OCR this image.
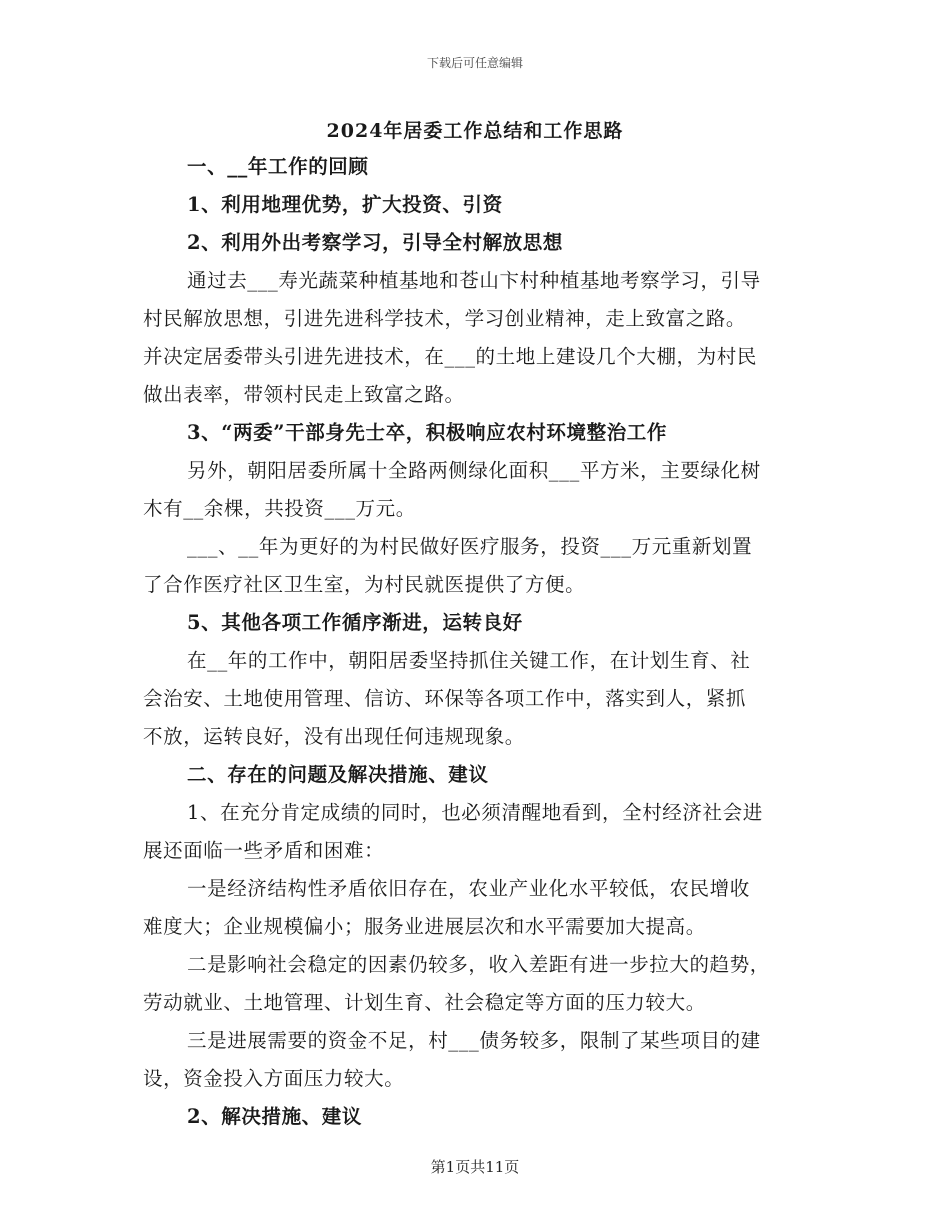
下载后可任意编辑
2024年居委工作总结和工作思路
一、__年工作的回顾
1、利用地理优势，扩大投资、引资
2、利用外出考察学习，引导全村解放思想
通过去___寿光蔬菜种植基地和苍山卞村种植基地考察学习，引导
村民解放思想，引进先进科学技术，学习创业精神，走上致富之路。
并决定居委带头引进先进技术，在___的土地上建设几个大棚，为村民
做出表率，带领村民走上致富之路。
3、“两委”干部身先士卒，积极响应农村环境整治工作
另外，朝阳居委所属十全路两侧绿化面积___平方米，主要绿化树
木有__余棵，共投资___万元。
___、__年为更好的为村民做好医疗服务，投资___万元重新划置
了合作医疗社区卫生室，为村民就医提供了方便。
5、其他各项工作循序渐进，运转良好
在__年的工作中，朝阳居委坚持抓住关键工作，在计划生育、社
会治安、土地使用管理、信访、环保等各项工作中，落实到人，紧抓
不放，运转良好，没有出现任何违规现象。
二、存在的问题及解决措施、建议
1、在充分肯定成绩的同时，也必须清醒地看到，全村经济社会进
展还面临一些矛盾和困难：
一是经济结构性矛盾依旧存在，农业产业化水平较低，农民增收
难度大；企业规模偏小；服务业进展层次和水平需要加大提高。
二是影响社会稳定的因素仍较多，收入差距有进一步拉大的趋势，
劳动就业、土地管理、计划生育、社会稳定等方面的压力较大。
三是进展需要的资金不足，村___债务较多，限制了某些项目的建
设，资金投入方面压力较大。
2、解决措施、建议
第1页共11页
